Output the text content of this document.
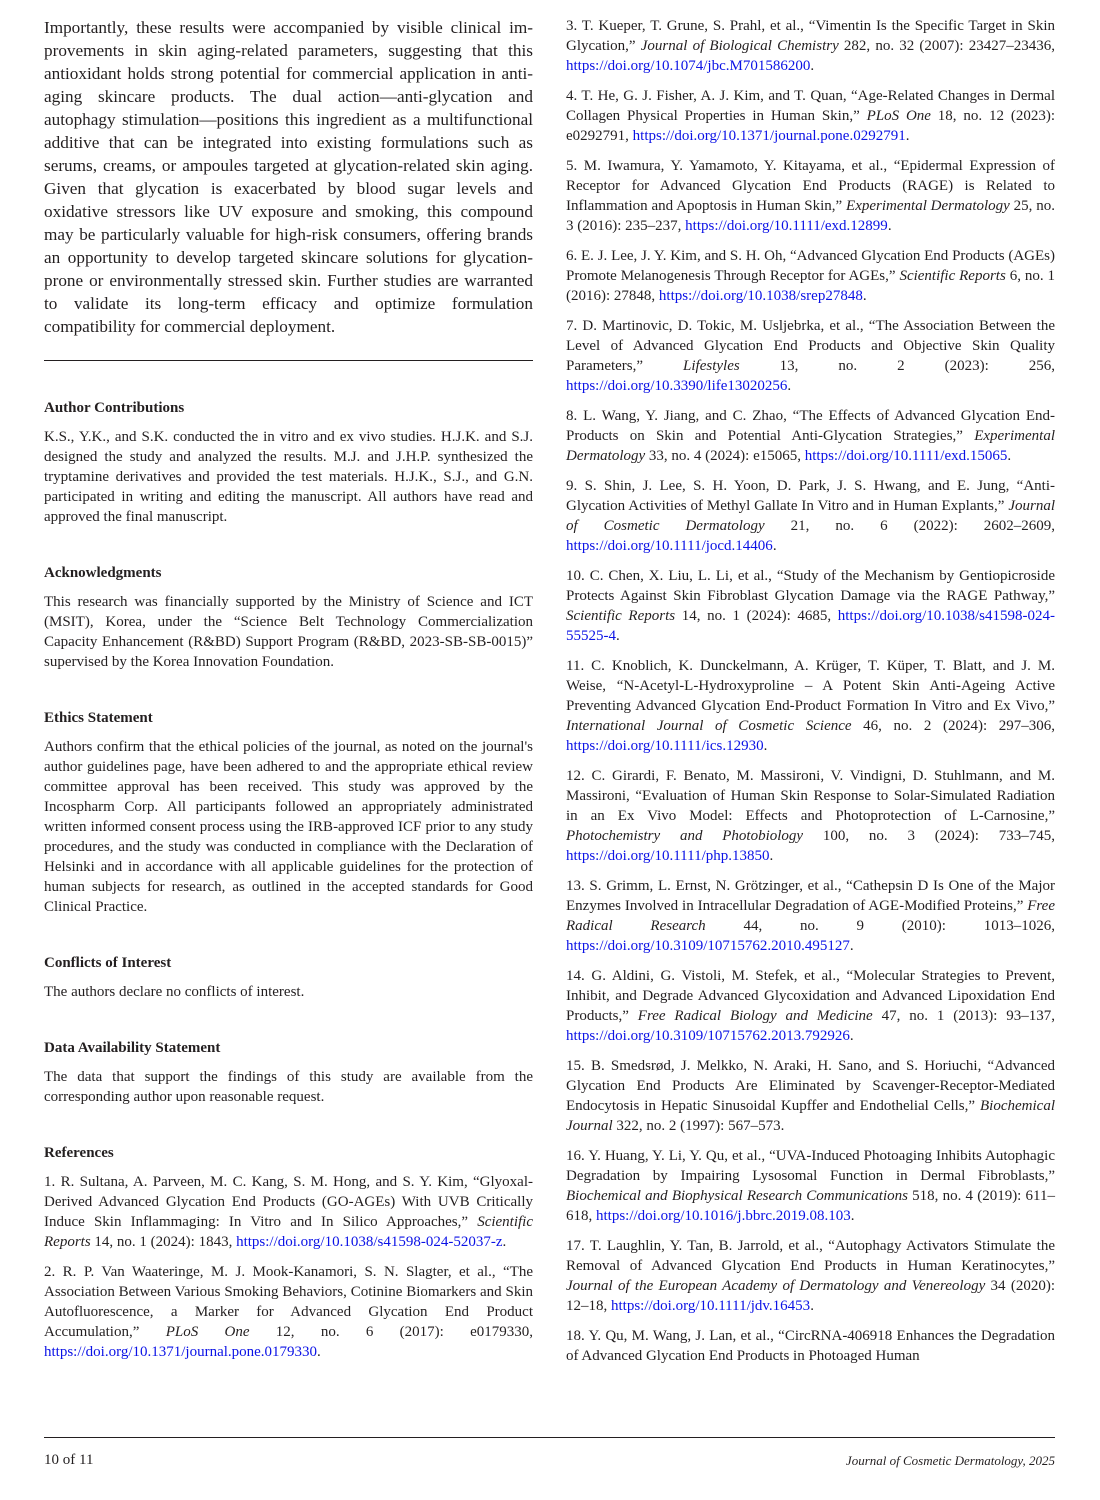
Importantly, these results were accompanied by visible clinical improvements in skin aging-related parameters, suggesting that this antioxidant holds strong potential for commercial application in anti-aging skincare products. The dual action—anti-glycation and autophagy stimulation—positions this ingredient as a multifunctional additive that can be integrated into existing formulations such as serums, creams, or ampoules targeted at glycation-related skin aging. Given that glycation is exacerbated by blood sugar levels and oxidative stressors like UV exposure and smoking, this compound may be particularly valuable for high-risk consumers, offering brands an opportunity to develop targeted skincare solutions for glycation-prone or environmentally stressed skin. Further studies are warranted to validate its long-term efficacy and optimize formulation compatibility for commercial deployment.

Author Contributions

K.S., Y.K., and S.K. conducted the in vitro and ex vivo studies. H.J.K. and S.J. designed the study and analyzed the results. M.J. and J.H.P. synthesized the tryptamine derivatives and provided the test materials. H.J.K., S.J., and G.N. participated in writing and editing the manuscript. All authors have read and approved the final manuscript.

Acknowledgments

This research was financially supported by the Ministry of Science and ICT (MSIT), Korea, under the “Science Belt Technology Commercialization Capacity Enhancement (R&BD) Support Program (R&BD, 2023-SB-SB-0015)” supervised by the Korea Innovation Foundation.

Ethics Statement

Authors confirm that the ethical policies of the journal, as noted on the journal's author guidelines page, have been adhered to and the appropriate ethical review committee approval has been received. This study was approved by the Incospharm Corp. All participants followed an appropriately administrated written informed consent process using the IRB-approved ICF prior to any study procedures, and the study was conducted in compliance with the Declaration of Helsinki and in accordance with all applicable guidelines for the protection of human subjects for research, as outlined in the accepted standards for Good Clinical Practice.

Conflicts of Interest

The authors declare no conflicts of interest.

Data Availability Statement

The data that support the findings of this study are available from the corresponding author upon reasonable request.

References

1. R. Sultana, A. Parveen, M. C. Kang, S. M. Hong, and S. Y. Kim, “Glyoxal-Derived Advanced Glycation End Products (GO-AGEs) With UVB Critically Induce Skin Inflammaging: In Vitro and In Silico Approaches,” Scientific Reports 14, no. 1 (2024): 1843, https://doi.org/10.1038/s41598-024-52037-z.

2. R. P. Van Waateringe, M. J. Mook-Kanamori, S. N. Slagter, et al., “The Association Between Various Smoking Behaviors, Cotinine Biomarkers and Skin Autofluorescence, a Marker for Advanced Glycation End Product Accumulation,” PLoS One 12, no. 6 (2017): e0179330, https://doi.org/10.1371/journal.pone.0179330.

3. T. Kueper, T. Grune, S. Prahl, et al., “Vimentin Is the Specific Target in Skin Glycation,” Journal of Biological Chemistry 282, no. 32 (2007): 23427–23436, https://doi.org/10.1074/jbc.M701586200.

4. T. He, G. J. Fisher, A. J. Kim, and T. Quan, “Age-Related Changes in Dermal Collagen Physical Properties in Human Skin,” PLoS One 18, no. 12 (2023): e0292791, https://doi.org/10.1371/journal.pone.0292791.

5. M. Iwamura, Y. Yamamoto, Y. Kitayama, et al., “Epidermal Expression of Receptor for Advanced Glycation End Products (RAGE) is Related to Inflammation and Apoptosis in Human Skin,” Experimental Dermatology 25, no. 3 (2016): 235–237, https://doi.org/10.1111/exd.12899.

6. E. J. Lee, J. Y. Kim, and S. H. Oh, “Advanced Glycation End Products (AGEs) Promote Melanogenesis Through Receptor for AGEs,” Scientific Reports 6, no. 1 (2016): 27848, https://doi.org/10.1038/srep27848.

7. D. Martinovic, D. Tokic, M. Usljebrka, et al., “The Association Between the Level of Advanced Glycation End Products and Objective Skin Quality Parameters,” Lifestyles 13, no. 2 (2023): 256, https://doi.org/10.3390/life13020256.

8. L. Wang, Y. Jiang, and C. Zhao, “The Effects of Advanced Glycation End-Products on Skin and Potential Anti-Glycation Strategies,” Experimental Dermatology 33, no. 4 (2024): e15065, https://doi.org/10.1111/exd.15065.

9. S. Shin, J. Lee, S. H. Yoon, D. Park, J. S. Hwang, and E. Jung, “Anti-Glycation Activities of Methyl Gallate In Vitro and in Human Explants,” Journal of Cosmetic Dermatology 21, no. 6 (2022): 2602–2609, https://doi.org/10.1111/jocd.14406.

10. C. Chen, X. Liu, L. Li, et al., “Study of the Mechanism by Gentiopicroside Protects Against Skin Fibroblast Glycation Damage via the RAGE Pathway,” Scientific Reports 14, no. 1 (2024): 4685, https://doi.org/10.1038/s41598-024-55525-4.

11. C. Knoblich, K. Dunckelmann, A. Krüger, T. Küper, T. Blatt, and J. M. Weise, “N-Acetyl-L-Hydroxyproline – A Potent Skin Anti-Ageing Active Preventing Advanced Glycation End-Product Formation In Vitro and Ex Vivo,” International Journal of Cosmetic Science 46, no. 2 (2024): 297–306, https://doi.org/10.1111/ics.12930.

12. C. Girardi, F. Benato, M. Massironi, V. Vindigni, D. Stuhlmann, and M. Massironi, “Evaluation of Human Skin Response to Solar-Simulated Radiation in an Ex Vivo Model: Effects and Photoprotection of L-Carnosine,” Photochemistry and Photobiology 100, no. 3 (2024): 733–745, https://doi.org/10.1111/php.13850.

13. S. Grimm, L. Ernst, N. Grötzinger, et al., “Cathepsin D Is One of the Major Enzymes Involved in Intracellular Degradation of AGE-Modified Proteins,” Free Radical Research 44, no. 9 (2010): 1013–1026, https://doi.org/10.3109/10715762.2010.495127.

14. G. Aldini, G. Vistoli, M. Stefek, et al., “Molecular Strategies to Prevent, Inhibit, and Degrade Advanced Glycoxidation and Advanced Lipoxidation End Products,” Free Radical Biology and Medicine 47, no. 1 (2013): 93–137, https://doi.org/10.3109/10715762.2013.792926.

15. B. Smedsrød, J. Melkko, N. Araki, H. Sano, and S. Horiuchi, “Advanced Glycation End Products Are Eliminated by Scavenger-Receptor-Mediated Endocytosis in Hepatic Sinusoidal Kupffer and Endothelial Cells,” Biochemical Journal 322, no. 2 (1997): 567–573.

16. Y. Huang, Y. Li, Y. Qu, et al., “UVA-Induced Photoaging Inhibits Autophagic Degradation by Impairing Lysosomal Function in Dermal Fibroblasts,” Biochemical and Biophysical Research Communications 518, no. 4 (2019): 611–618, https://doi.org/10.1016/j.bbrc.2019.08.103.

17. T. Laughlin, Y. Tan, B. Jarrold, et al., “Autophagy Activators Stimulate the Removal of Advanced Glycation End Products in Human Keratinocytes,” Journal of the European Academy of Dermatology and Venereology 34 (2020): 12–18, https://doi.org/10.1111/jdv.16453.

18. Y. Qu, M. Wang, J. Lan, et al., “CircRNA-406918 Enhances the Degradation of Advanced Glycation End Products in Photoaged Human

10 of 11	Journal of Cosmetic Dermatology, 2025
